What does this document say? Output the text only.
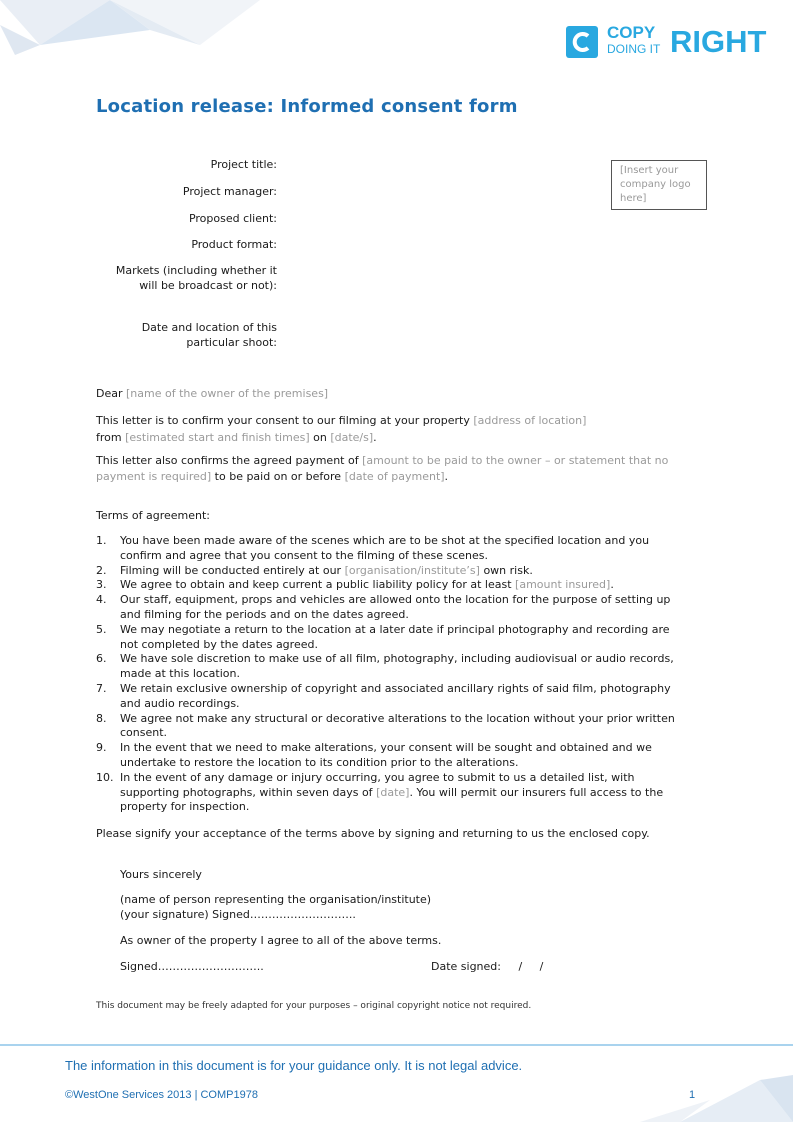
COPY
DOING IT RIGHT
Location release: Informed consent form
Project title:
Project manager:
Proposed client:
Product format:
Markets (including whether it
will be broadcast or not):
Date and location of this
particular shoot:
[Insert your
company logo
here]
Dear [name of the owner of the premises]
This letter is to confirm your consent to our filming at your property [address of location]
from [estimated start and finish times] on [date/s].
This letter also confirms the agreed payment of [amount to be paid to the owner – or statement that no
payment is required] to be paid on or before [date of payment].
Terms of agreement:
1. You have been made aware of the scenes which are to be shot at the specified location and you
confirm and agree that you consent to the filming of these scenes.
2. Filming will be conducted entirely at our [organisation/institute’s] own risk.
3. We agree to obtain and keep current a public liability policy for at least [amount insured].
4. Our staff, equipment, props and vehicles are allowed onto the location for the purpose of setting up
and filming for the periods and on the dates agreed.
5. We may negotiate a return to the location at a later date if principal photography and recording are
not completed by the dates agreed.
6. We have sole discretion to make use of all film, photography, including audiovisual or audio records,
made at this location.
7. We retain exclusive ownership of copyright and associated ancillary rights of said film, photography
and audio recordings.
8. We agree not make any structural or decorative alterations to the location without your prior written
consent.
9. In the event that we need to make alterations, your consent will be sought and obtained and we
undertake to restore the location to its condition prior to the alterations.
10. In the event of any damage or injury occurring, you agree to submit to us a detailed list, with
supporting photographs, within seven days of [date]. You will permit our insurers full access to the
property for inspection.
Please signify your acceptance of the terms above by signing and returning to us the enclosed copy.
Yours sincerely
(name of person representing the organisation/institute)
(your signature) Signed………………………..
As owner of the property I agree to all of the above terms.
Signed………………………..	Date signed:     /     /
This document may be freely adapted for your purposes – original copyright notice not required.
The information in this document is for your guidance only. It is not legal advice.
©WestOne Services 2013 | COMP1978	1
